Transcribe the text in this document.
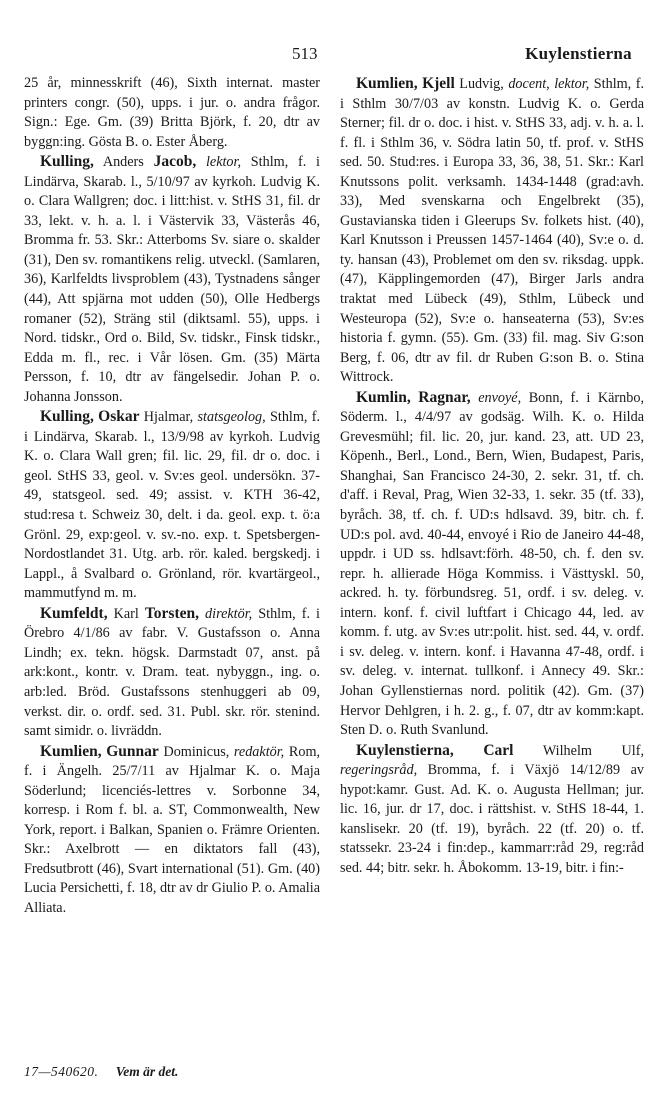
513	Kuylenstierna

25 år, minnesskrift (46), Sixth internat. master printers congr. (50), upps. i jur. o. andra frågor. Sign.: Ege. Gm. (39) Britta Björk, f. 20, dtr av byggn:ing. Gösta B. o. Ester Åberg.

Kulling, Anders Jacob, lektor, Sthlm, f. i Lindärva, Skarab. l., 5/10/97 av kyrkoh. Ludvig K. o. Clara Wallgren; doc. i litt:hist. v. StHS 31, fil. dr 33, lekt. v. h. a. l. i Västervik 33, Västerås 46, Bromma fr. 53. Skr.: Atterboms Sv. siare o. skalder (31), Den sv. romantikens relig. utveckl. (Samlaren, 36), Karlfeldts livsproblem (43), Tystnadens sånger (44), Att spjärna mot udden (50), Olle Hedbergs romaner (52), Sträng stil (diktsaml. 55), upps. i Nord. tidskr., Ord o. Bild, Sv. tidskr., Finsk tidskr., Edda m. fl., rec. i Vår lösen. Gm. (35) Märta Persson, f. 10, dtr av fängelsedir. Johan P. o. Johanna Jonsson.

Kulling, Oskar Hjalmar, statsgeolog, Sthlm, f. i Lindärva, Skarab. l., 13/9/98 av kyrkoh. Ludvig K. o. Clara Wall gren; fil. lic. 29, fil. dr o. doc. i geol. StHS 33, geol. v. Sv:es geol. undersökn. 37-49, statsgeol. sed. 49; assist. v. KTH 36-42, stud:resa t. Schweiz 30, delt. i da. geol. exp. t. ö:a Grönl. 29, exp:geol. v. sv.-no. exp. t. Spetsbergen-Nordostlandet 31. Utg. arb. rör. kaled. bergskedj. i Lappl., å Svalbard o. Grönland, rör. kvartärgeol., mammutfynd m. m.

Kumfeldt, Karl Torsten, direktör, Sthlm, f. i Örebro 4/1/86 av fabr. V. Gustafsson o. Anna Lindh; ex. tekn. högsk. Darmstadt 07, anst. på ark:kont., kontr. v. Dram. teat. nybyggn., ing. o. arb:led. Bröd. Gustafssons stenhuggeri ab 09, verkst. dir. o. ordf. sed. 31. Publ. skr. rör. stenind. samt simidr. o. livräddn.

Kumlien, Gunnar Dominicus, redaktör, Rom, f. i Ängelh. 25/7/11 av Hjalmar K. o. Maja Söderlund; licenciés-lettres v. Sorbonne 34, korresp. i Rom f. bl. a. ST, Commonwealth, New York, report. i Balkan, Spanien o. Främre Orienten. Skr.: Axelbrott — en diktators fall (43), Fredsutbrott (46), Svart international (51). Gm. (40) Lucia Persichetti, f. 18, dtr av dr Giulio P. o. Amalia Alliata.

Kumlien, Kjell Ludvig, docent, lektor, Sthlm, f. i Sthlm 30/7/03 av konstn. Ludvig K. o. Gerda Sterner; fil. dr o. doc. i hist. v. StHS 33, adj. v. h. a. l. f. fl. i Sthlm 36, v. Södra latin 50, tf. prof. v. StHS sed. 50. Stud:res. i Europa 33, 36, 38, 51. Skr.: Karl Knutssons polit. verksamh. 1434-1448 (grad:avh. 33), Med svenskarna och Engelbrekt (35), Gustavianska tiden i Gleerups Sv. folkets hist. (40), Karl Knutsson i Preussen 1457-1464 (40), Sv:e o. d. ty. hansan (43), Problemet om den sv. riksdag. uppk. (47), Käpplingemorden (47), Birger Jarls andra traktat med Lübeck (49), Sthlm, Lübeck und Westeuropa (52), Sv:e o. hanseaterna (53), Sv:es historia f. gymn. (55). Gm. (33) fil. mag. Siv G:son Berg, f. 06, dtr av fil. dr Ruben G:son B. o. Stina Wittrock.

Kumlin, Ragnar, envoyé, Bonn, f. i Kärnbo, Söderm. l., 4/4/97 av godsäg. Wilh. K. o. Hilda Grevesmühl; fil. lic. 20, jur. kand. 23, att. UD 23, Köpenh., Berl., Lond., Bern, Wien, Budapest, Paris, Shanghai, San Francisco 24-30, 2. sekr. 31, tf. ch. d'aff. i Reval, Prag, Wien 32-33, 1. sekr. 35 (tf. 33), byråch. 38, tf. ch. f. UD:s hdlsavd. 39, bitr. ch. f. UD:s pol. avd. 40-44, envoyé i Rio de Janeiro 44-48, uppdr. i UD ss. hdlsavt:förh. 48-50, ch. f. den sv. repr. h. allierade Höga Kommiss. i Västtyskl. 50, ackred. h. ty. förbundsreg. 51, ordf. i sv. deleg. v. intern. konf. f. civil luftfart i Chicago 44, led. av komm. f. utg. av Sv:es utr:polit. hist. sed. 44, v. ordf. i sv. deleg. v. intern. konf. i Havanna 47-48, ordf. i sv. deleg. v. internat. tullkonf. i Annecy 49. Skr.: Johan Gyllenstiernas nord. politik (42). Gm. (37) Hervor Dehlgren, i h. 2. g., f. 07, dtr av komm:kapt. Sten D. o. Ruth Svanlund.

Kuylenstierna, Carl Wilhelm Ulf, regeringsråd, Bromma, f. i Växjö 14/12/89 av hypot:kamr. Gust. Ad. K. o. Augusta Hellman; jur. lic. 16, jur. dr 17, doc. i rättshist. v. StHS 18-44, 1. kanslisekr. 20 (tf. 19), byråch. 22 (tf. 20) o. tf. statssekr. 23-24 i fin:dep., kammarr:råd 29, reg:råd sed. 44; bitr. sekr. h. Åbokomm. 13-19, bitr. i fin:-

17—540620. Vem är det.
